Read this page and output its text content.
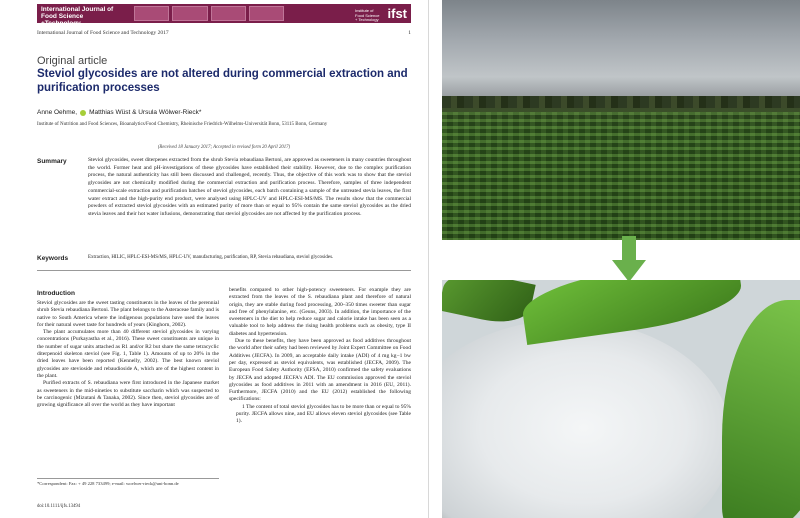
International Journal of
Food Science
+Technology
Institute of Food Science + Technology ifst
International Journal of Food Science and Technology 2017	1
Original article
Steviol glycosides are not altered during commercial extraction and purification processes
Anne Oehme, Matthias Wüst & Ursula Wölwer-Rieck*
Institute of Nutrition and Food Sciences, Bioanalytics/Food Chemistry, Rheinische Friedrich-Wilhelms-Universität Bonn, 53115 Bonn, Germany
(Received 18 January 2017; Accepted in revised form 20 April 2017)
Summary	Steviol glycosides, sweet diterpenes extracted from the shrub Stevia rebaudiana Bertoni, are approved as sweeteners in many countries throughout the world. Former heat and pH-investigations of these glycosides have established their stability. However, due to the complex purification process, the natural authenticity has still been discussed and challenged, recently. Thus, the objective of this work was to show that the steviol glycosides are not chemically modified during the commercial extraction and purification process. Therefore, samples of three independent commercial-scale extraction and purification batches of steviol glycosides, each batch containing a sample of the untreated stevia leaves, the first water extract and the high-purity end product, were analysed using HPLC-UV and HPLC-ESI-MS/MS. The results show that the commercial powders of extracted steviol glycosides with an estimated purity of more than or equal to 95% contain the same steviol glycosides as the dried stevia leaves and their hot water infusions, demonstrating that steviol glycosides are not affected by the purification process.

Keywords	Extraction, HILIC, HPLC-ESI-MS/MS, HPLC-UV, manufacturing, purification, RP, Stevia rebaudiana, steviol glycosides.
Introduction

Steviol glycosides are the sweet tasting constituents in the leaves of the perennial shrub Stevia rebaudiana Bertoni. The plant belongs to the Asteraceae family and is native to South America where the indigenous populations have used the leaves for their natural sweet taste for hundreds of years (Kinghorn, 2002).

The plant accumulates more than 40 different steviol glycosides in varying concentrations (Purkayastha et al., 2016). These sweet constituents are unique in the number of sugar units attached as R1 and/or R2 but share the same tetracyclic diterpenoid skeleton steviol (see Fig. 1, Table 1). Amounts of up to 20% in the dried leaves have been reported (Kennelly, 2002). The best known steviol glycosides are stevioside and rebaudioside A, which are of the highest content in the plant.

Purified extracts of S. rebaudiana were first introduced in the Japanese market as sweeteners in the mid-nineties to substitute saccharin which was suspected to be carcinogenic (Mizutani & Tanaka, 2002). Since then, steviol glycosides are of growing significance all over the world as they have important

benefits compared to other high-potency sweeteners. For example they are extracted from the leaves of the S. rebaudiana plant and therefore of natural origin, they are stable during food processing, 200–350 times sweeter than sugar and free of phenylalanine, etc. (Geuns, 2003). In addition, the importance of the sweeteners in the diet to help reduce sugar and calorie intake has been seen as a valuable tool to help address the rising health problems such as obesity, type II diabetes and hypertension.

Due to these benefits, they have been approved as food additives throughout the world after their safety had been reviewed by Joint Expert Committee on Food Additives (JECFA). In 2009, an acceptable daily intake (ADI) of 4 mg kg−1 bw per day, expressed as steviol equivalents, was established (JECFA, 2009). The European Food Safety Authority (EFSA, 2010) confirmed the safety evaluations by JECFA and adopted JECFA's ADI. The EU commission approved the steviol glycosides as food additives in 2011 with an amendment in 2016 (EU, 2011). Furthermore, JECFA (2010) and the EU (2012) established the following specifications:

1 The content of total steviol glycosides has to be more than or equal to 95% purity. JECFA allows nine, and EU allows eleven steviol glycosides (see Table 1).

*Correspondent: Fax: + 49 228 733499; e-mail: woelwer-rieck@uni-bonn.de
doi:10.1111/ijfs.13494
